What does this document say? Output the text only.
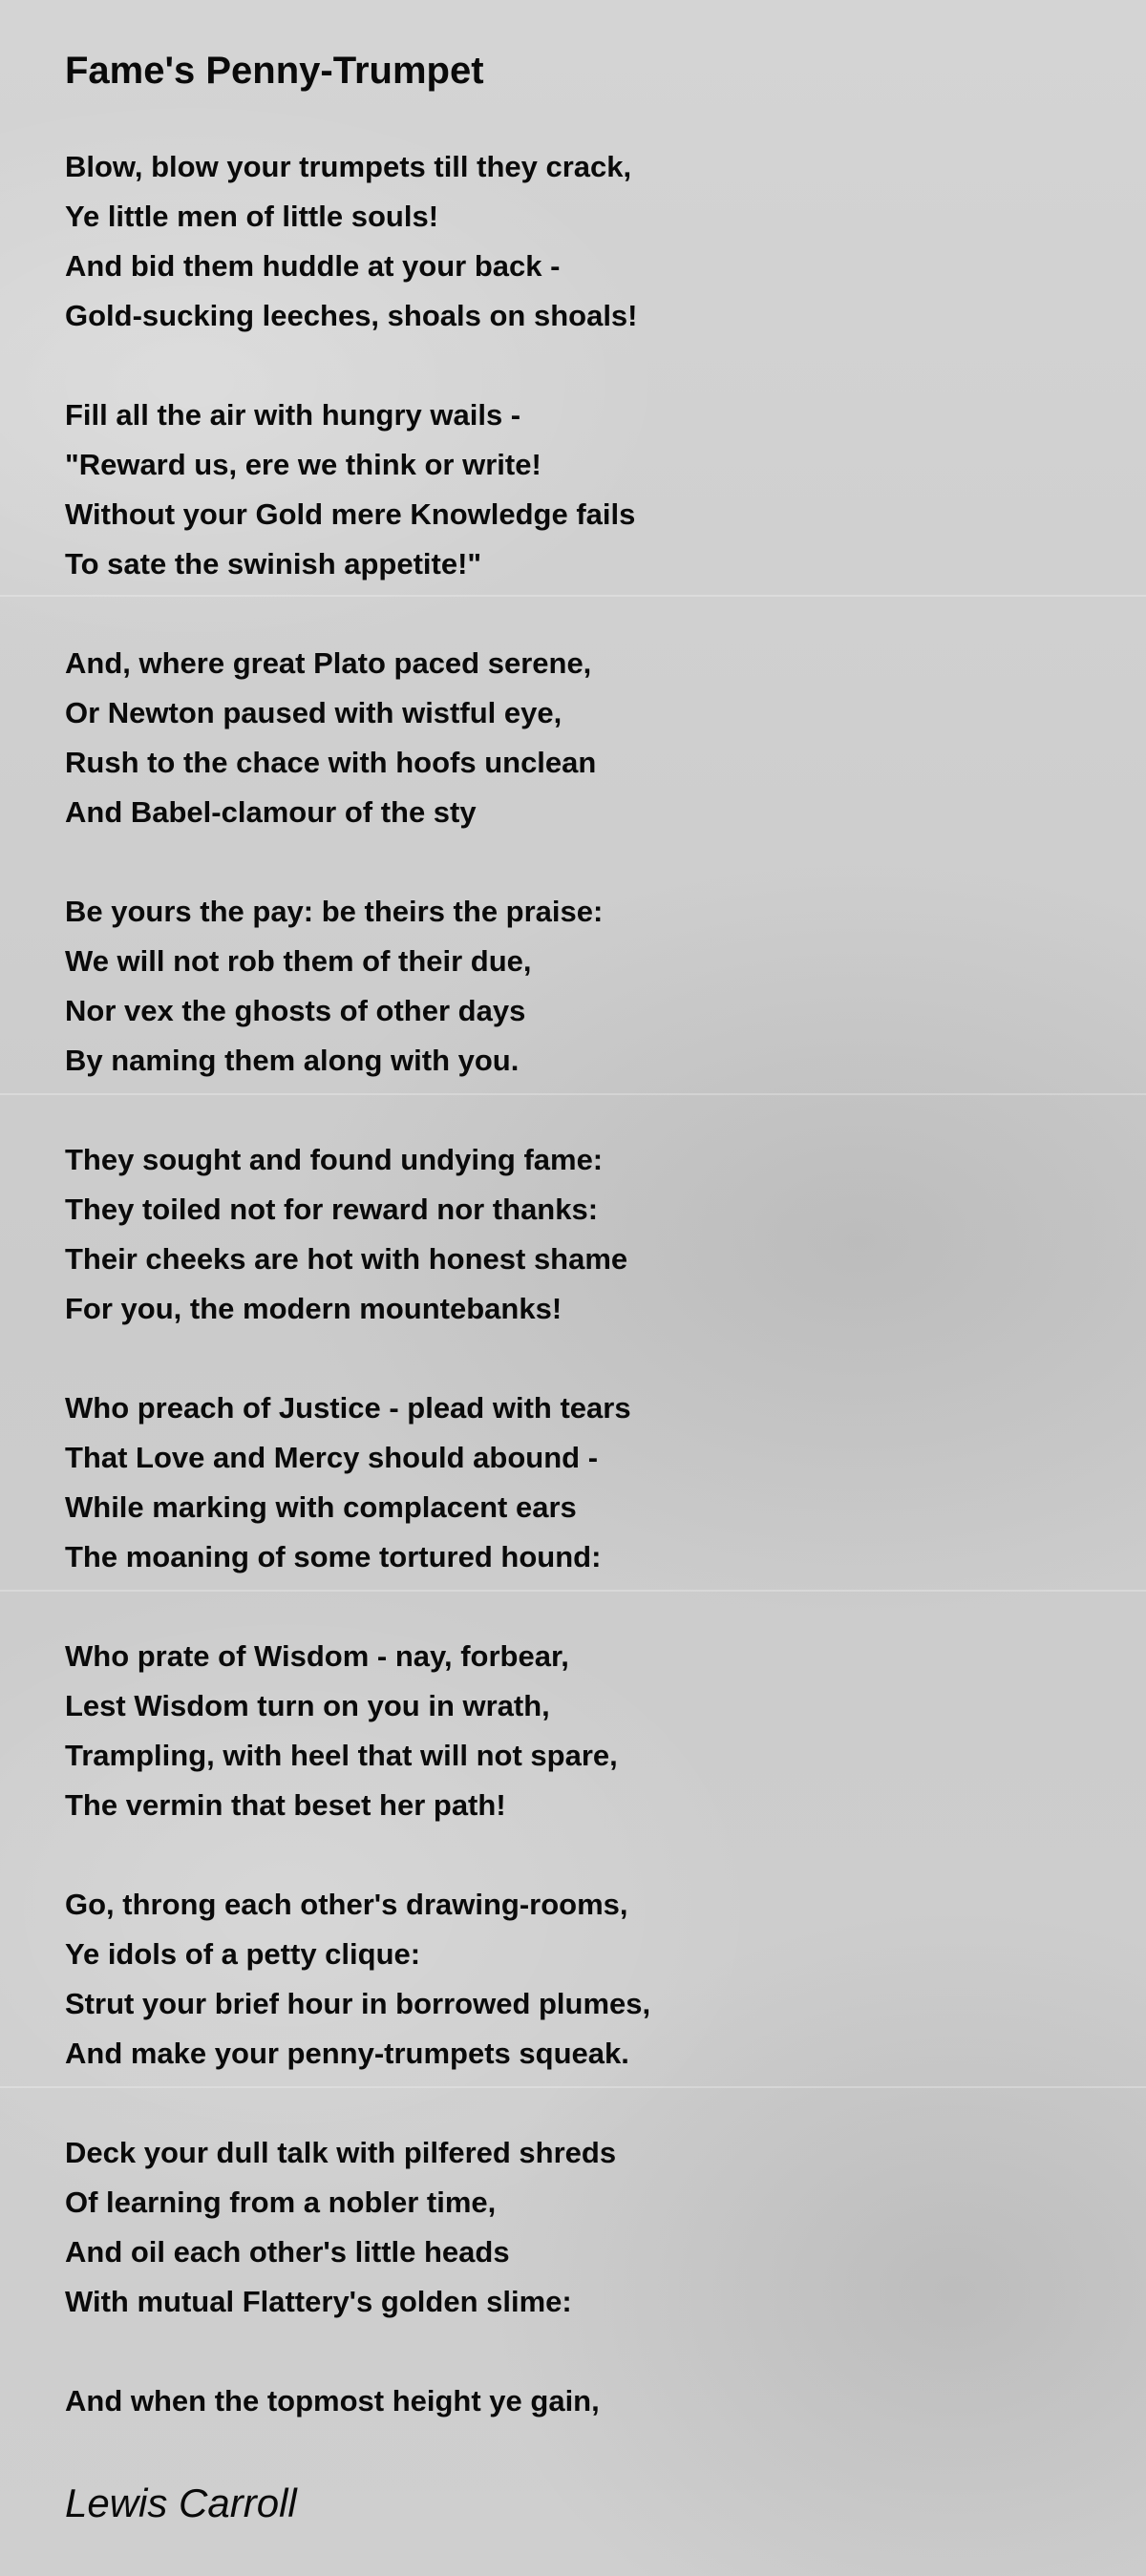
Fame's Penny-Trumpet
Blow, blow your trumpets till they crack,
Ye little men of little souls!
And bid them huddle at your back -
Gold-sucking leeches, shoals on shoals!
Fill all the air with hungry wails -
"Reward us, ere we think or write!
Without your Gold mere Knowledge fails
To sate the swinish appetite!"
And, where great Plato paced serene,
Or Newton paused with wistful eye,
Rush to the chace with hoofs unclean
And Babel-clamour of the sty
Be yours the pay: be theirs the praise:
We will not rob them of their due,
Nor vex the ghosts of other days
By naming them along with you.
They sought and found undying fame:
They toiled not for reward nor thanks:
Their cheeks are hot with honest shame
For you, the modern mountebanks!
Who preach of Justice - plead with tears
That Love and Mercy should abound -
While marking with complacent ears
The moaning of some tortured hound:
Who prate of Wisdom - nay, forbear,
Lest Wisdom turn on you in wrath,
Trampling, with heel that will not spare,
The vermin that beset her path!
Go, throng each other's drawing-rooms,
Ye idols of a petty clique:
Strut your brief hour in borrowed plumes,
And make your penny-trumpets squeak.
Deck your dull talk with pilfered shreds
Of learning from a nobler time,
And oil each other's little heads
With mutual Flattery's golden slime:
And when the topmost height ye gain,
Lewis Carroll
